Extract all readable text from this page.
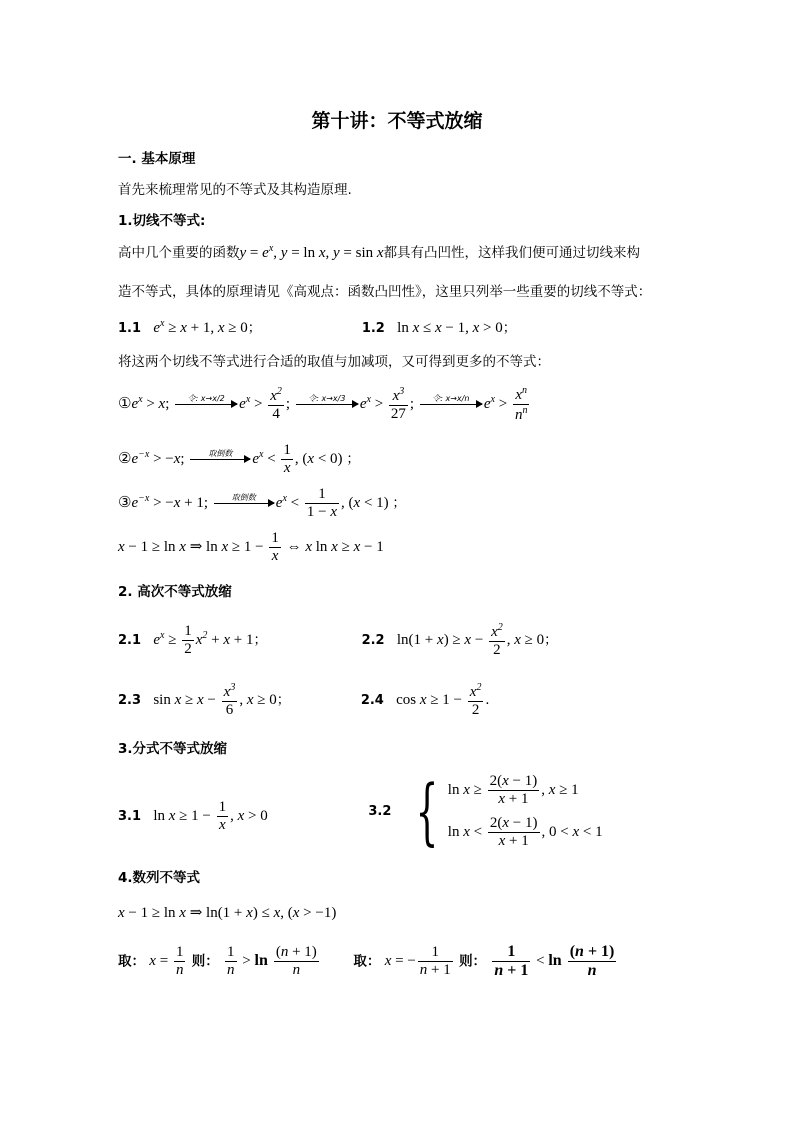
第十讲：不等式放缩
一. 基本原理
首先来梳理常见的不等式及其构造原理.
1.切线不等式:
高中几个重要的函数$y = e^x$, y = ln x, y = sin x都具有凸凹性，这样我们便可通过切线来构
造不等式，具体的原理请见《高观点：函数凸凹性》，这里只列举一些重要的切线不等式：
1.1 $e^x \ge x + 1$, x ≥ 0；	1.2 ln x ≤ x − 1, x > 0；
将这两个切线不等式进行合适的取值与加减项，又可得到更多的不等式：
$①e^x > x$;	令: x→x/2 $e^x > \frac{x^2}{4}$ ;	令: x→x/3 $e^x > \frac{x^3}{27}$ ;	令: x→x/n $e^x > \frac{x^n}{n^n}$
$②e^{-x} > -x$;	取倒数	$e^x < \frac{1}{x}$ , (x < 0) ；
$③e^{-x} > -x + 1$;	取倒数	$e^x < \frac{1}{1 - x}$ , (x < 1) ；
x − 1 ≥ ln x ⇒ $\ln x \ge 1 - \frac{1}{x}$ ⇔ x ln x ≥ x − 1
2. 高次不等式放缩
2.1 $e^x \ge \frac{1}{2} x^2 + x + 1$；	2.2 $\ln(1 + x) \ge x - \frac{x^2}{2}$ , x ≥ 0；
2.3 $\sin x \ge x - \frac{x^3}{6}$ , x ≥ 0；	2.4 $\cos x \ge 1 - \frac{x^2}{2}$ .
3.分式不等式放缩
3.1 $\ln x \ge 1 - \frac{1}{x}$ , x > 0	3.2 { $\ln x \ge \frac{2(x - 1)}{x + 1}$ , x ≥ 1
$\ln x < \frac{2(x - 1)}{x + 1}$ , 0 < x < 1
4.数列不等式
x − 1 ≥ ln x ⇒ ln(1 + x) ≤ x, (x > −1)
取： $x = \frac{1}{n}$ 则： $\frac{1}{n} > \ln \frac{(n + 1)}{n}$	取： x = − $\frac{1}{n + 1}$ 则： $\frac{1}{n + 1} < \ln \frac{(n + 1)}{n}$
